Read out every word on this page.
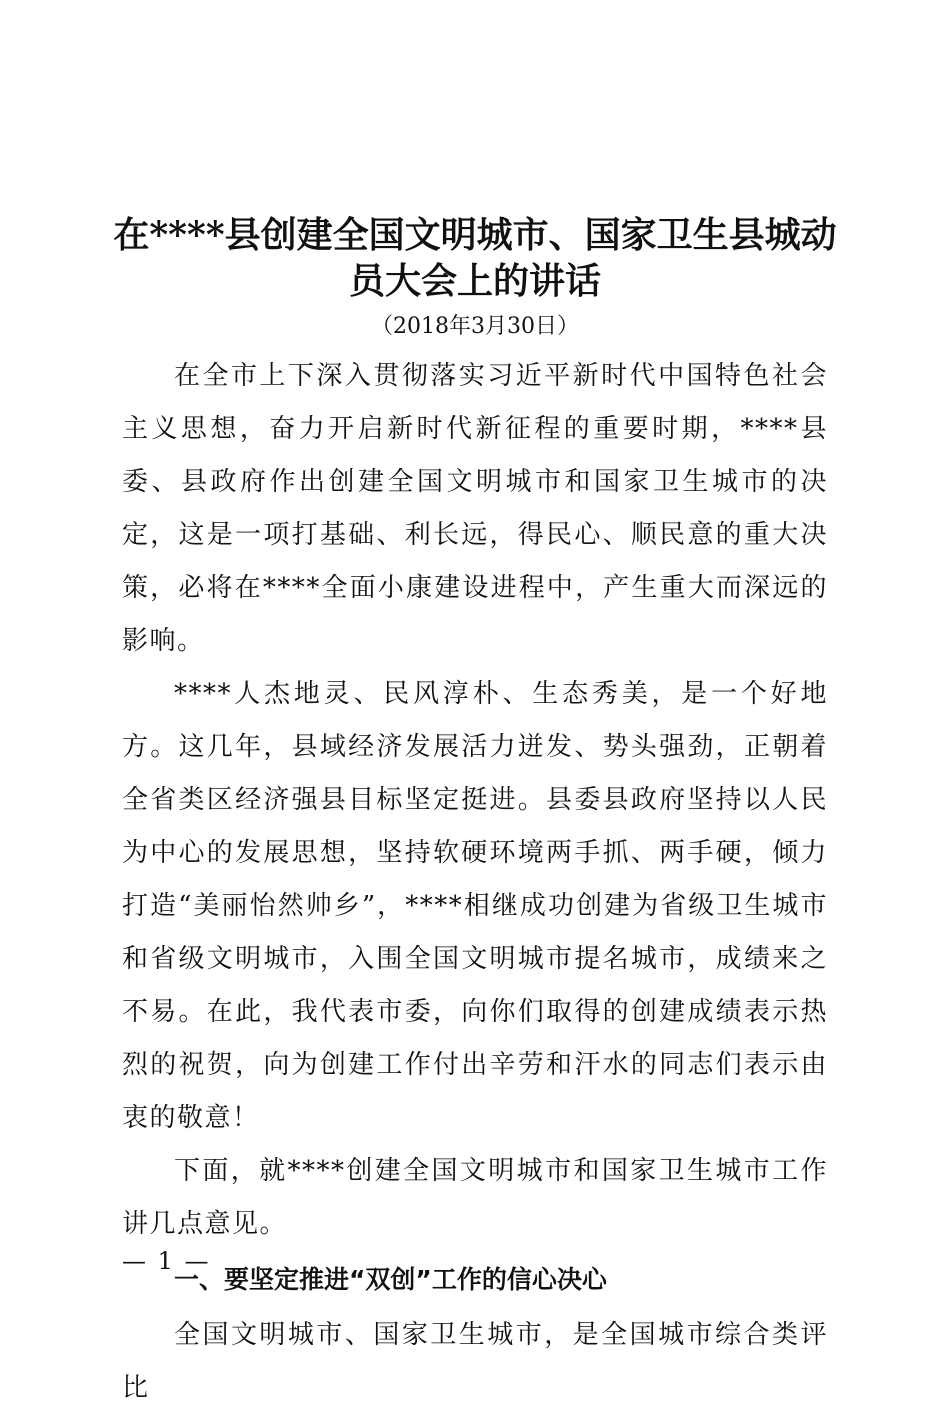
在****县创建全国文明城市、国家卫生县城动
员大会上的讲话
（2018年3月30日）

在全市上下深入贯彻落实习近平新时代中国特色社会主义思想，奋力开启新时代新征程的重要时期，****县委、县政府作出创建全国文明城市和国家卫生城市的决定，这是一项打基础、利长远，得民心、顺民意的重大决策，必将在****全面小康建设进程中，产生重大而深远的影响。

****人杰地灵、民风淳朴、生态秀美，是一个好地方。这几年，县域经济发展活力迸发、势头强劲，正朝着全省类区经济强县目标坚定挺进。县委县政府坚持以人民为中心的发展思想，坚持软硬环境两手抓、两手硬，倾力打造“美丽怡然帅乡”，****相继成功创建为省级卫生城市和省级文明城市，入围全国文明城市提名城市，成绩来之不易。在此，我代表市委，向你们取得的创建成绩表示热烈的祝贺，向为创建工作付出辛劳和汗水的同志们表示由衷的敬意！

下面，就****创建全国文明城市和国家卫生城市工作讲几点意见。

一、要坚定推进“双创”工作的信心决心

全国文明城市、国家卫生城市，是全国城市综合类评比

— 1 —
